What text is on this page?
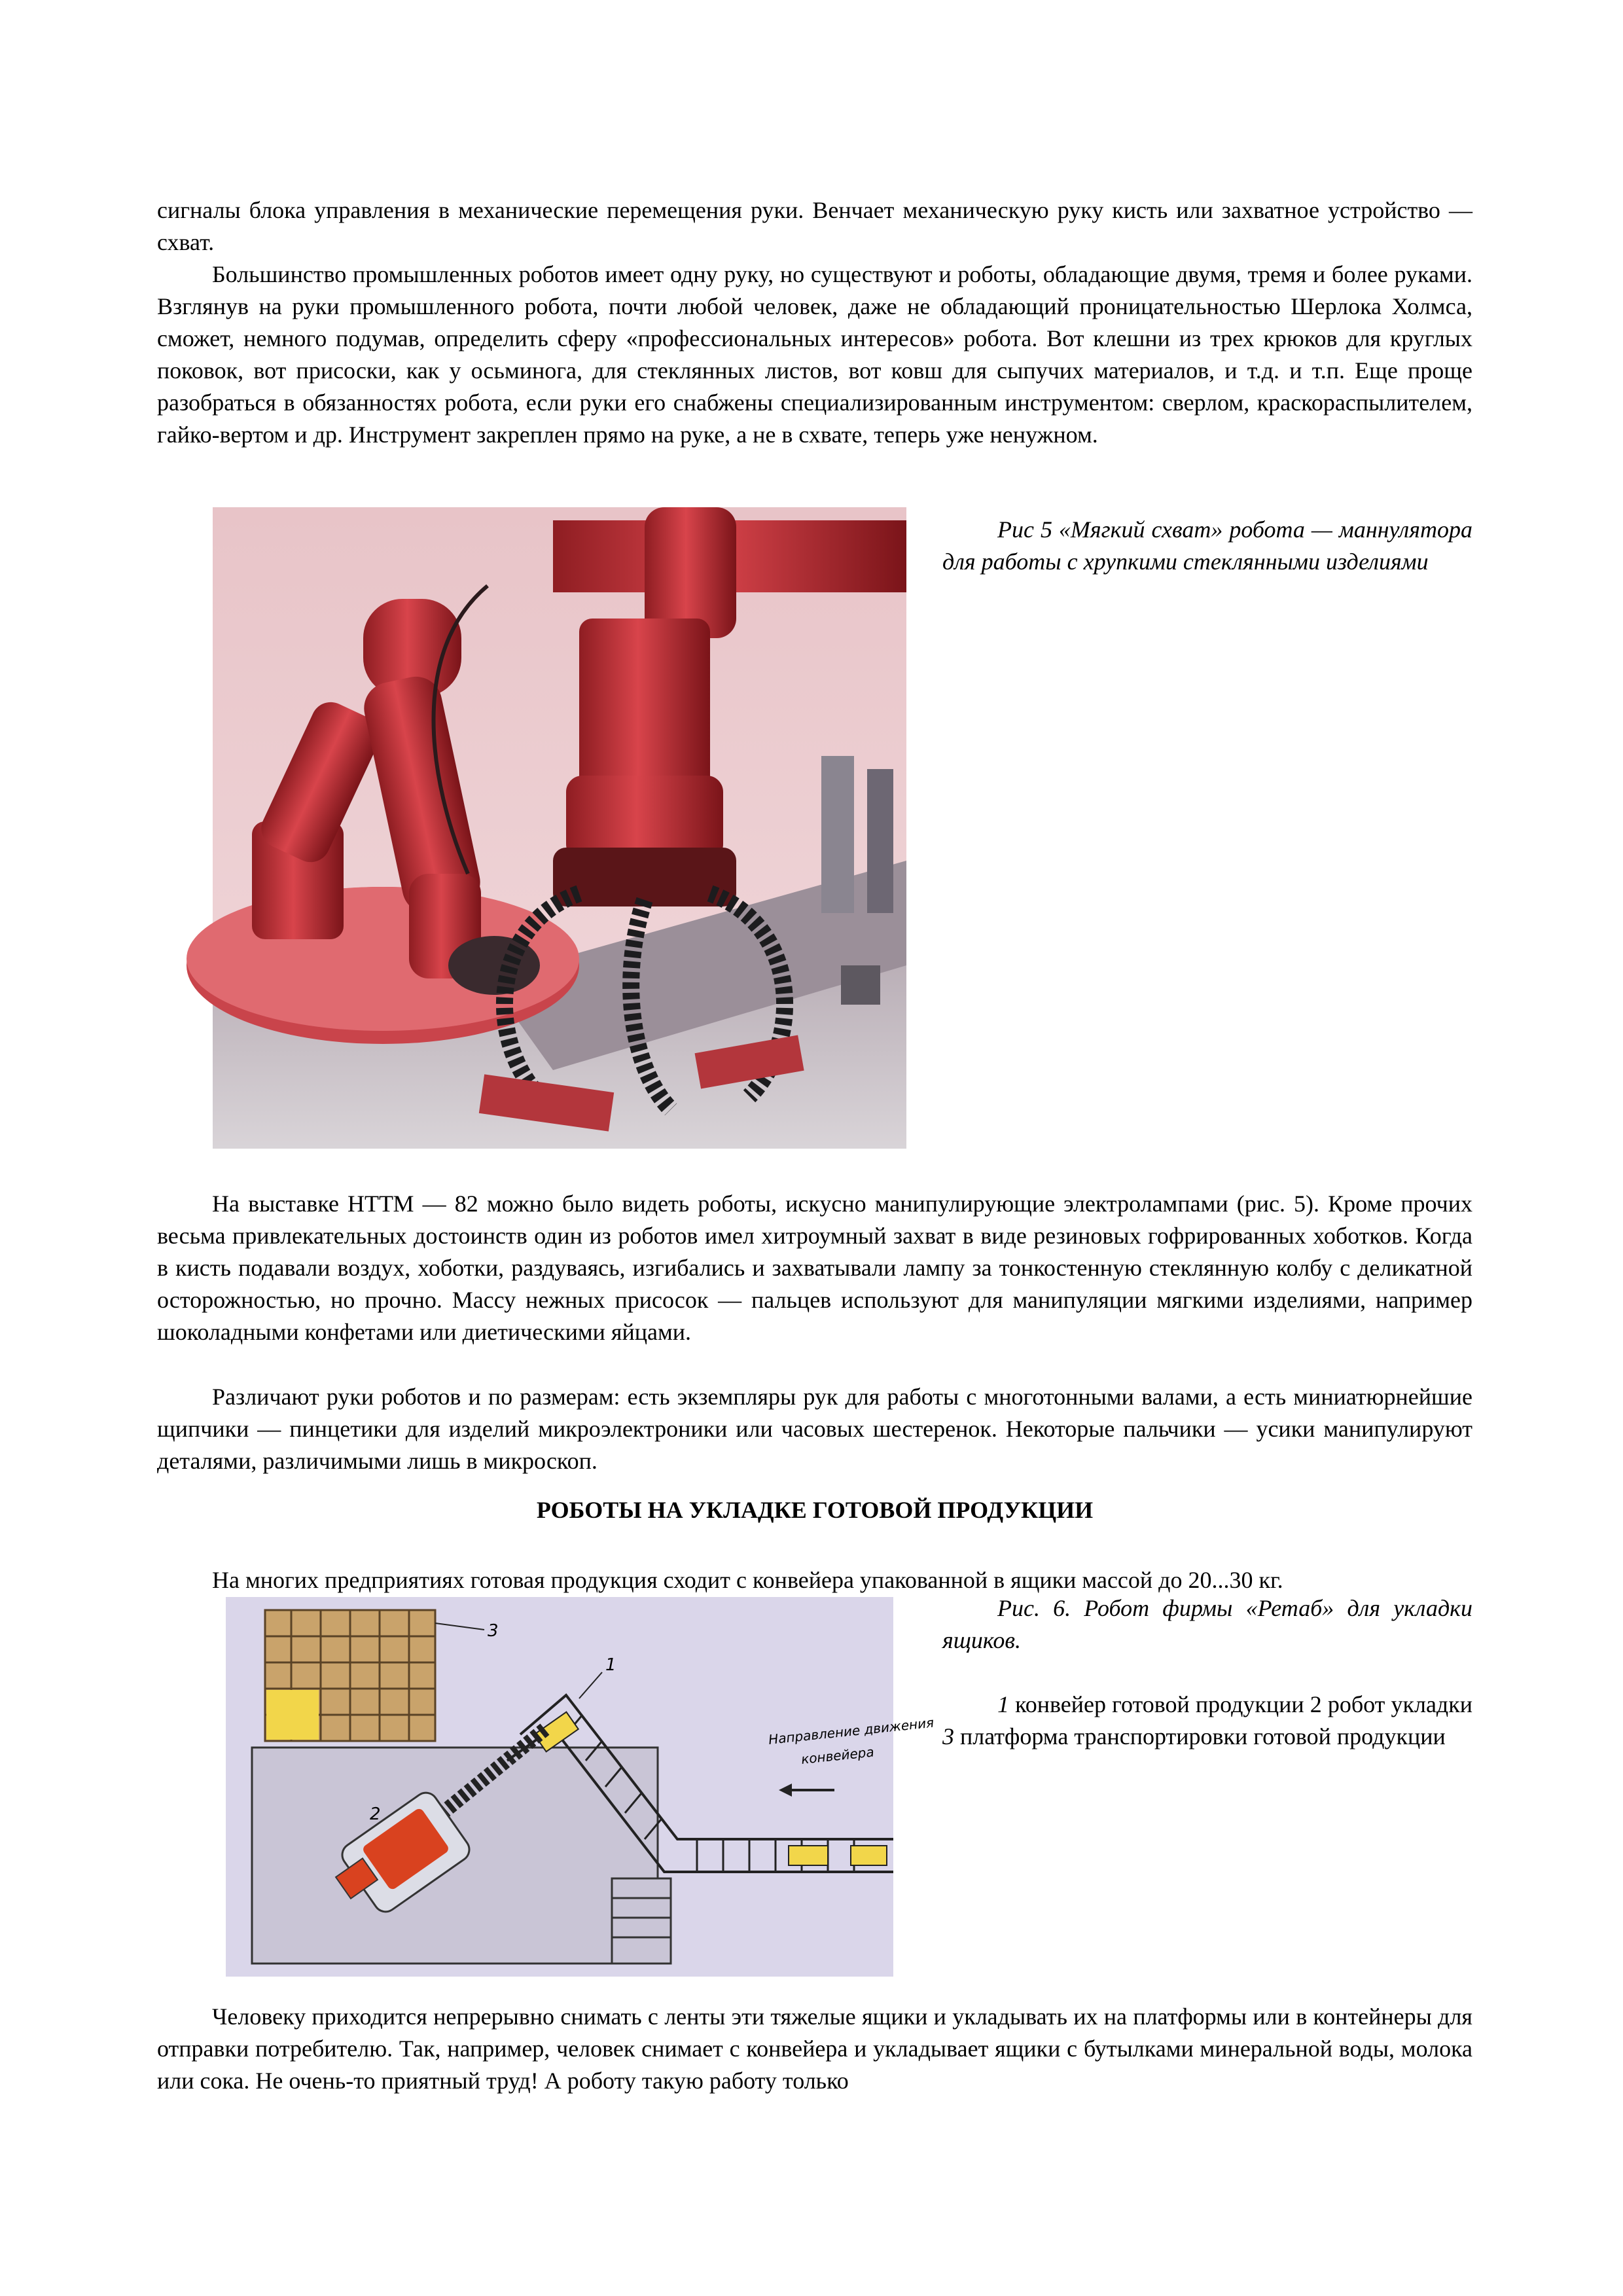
сигналы блока управления в механические перемещения руки. Венчает механическую руку кисть или захватное устройство — схват.

Большинство промышленных роботов имеет одну руку, но существуют и роботы, обладающие двумя, тремя и более руками. Взглянув на руки промышленного робота, почти любой человек, даже не обладающий проницательностью Шерлока Холмса, сможет, немного подумав, определить сферу «профессиональных интересов» робота. Вот клешни из трех крюков для круглых поковок, вот присоски, как у осьминога, для стеклянных листов, вот ковш для сыпучих материалов, и т.д. и т.п. Еще проще разобраться в обязанностях робота, если руки его снабжены специализированным инструментом: сверлом, краскораспылителем, гайко-вертом и др. Инструмент закреплен прямо на руке, а не в схвате, теперь уже ненужном.

Рис 5 «Мягкий схват» робота — маннулятора для работы с хрупкими стеклянными изделиями

На выставке НТТМ — 82 можно было видеть роботы, искусно манипулирующие электролампами (рис. 5). Кроме прочих весьма привлекательных достоинств один из роботов имел хитроумный захват в виде резиновых гофрированных хоботков. Когда в кисть подавали воздух, хоботки, раздуваясь, изгибались и захватывали лампу за тонкостенную стеклянную колбу с деликатной осторожностью, но прочно. Массу нежных присосок — пальцев используют для манипуляции мягкими изделиями, например шоколадными конфетами или диетическими яйцами.

Различают руки роботов и по размерам: есть экземпляры рук для работы с многотонными валами, а есть миниатюрнейшие щипчики — пинцетики для изделий микроэлектроники или часовых шестеренок. Некоторые пальчики — усики манипулируют деталями, различимыми лишь в микроскоп.

РОБОТЫ НА УКЛАДКЕ ГОТОВОЙ ПРОДУКЦИИ

На многих предприятиях готовая продукция сходит с конвейера упакованной в ящики массой до 20...30 кг.

3
Направление движения
конвейера
1
2

Рис. 6. Робот фирмы «Ретаб» для укладки ящиков.

1 конвейер готовой продукции 2 робот укладки 3 платформа транспортировки готовой продукции

Человеку приходится непрерывно снимать с ленты эти тяжелые ящики и укладывать их на платформы или в контейнеры для отправки потребителю. Так, например, человек снимает с конвейера и укладывает ящики с бутылками минеральной воды, молока или сока. Не очень-то приятный труд! А роботу такую работу только
